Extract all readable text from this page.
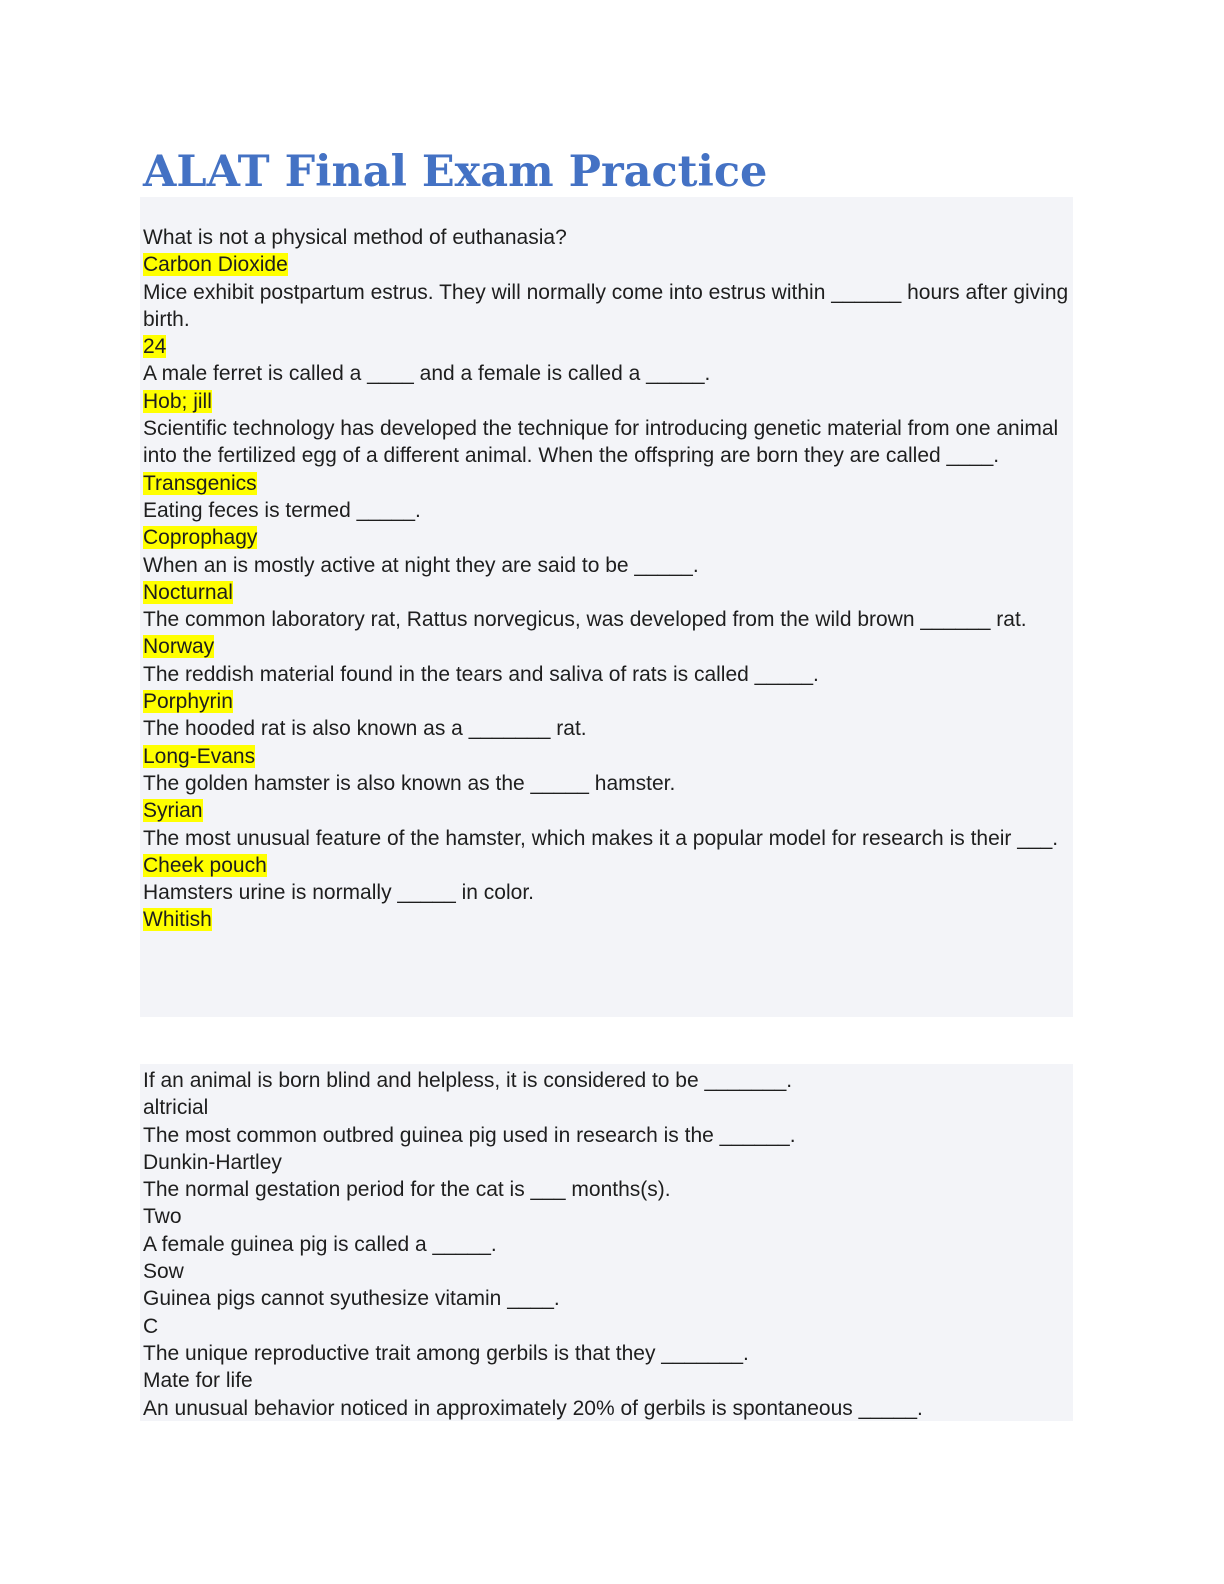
ALAT Final Exam Practice
What is not a physical method of euthanasia?
Carbon Dioxide
Mice exhibit postpartum estrus. They will normally come into estrus within ______ hours after giving birth.
24
A male ferret is called a ____ and a female is called a _____.
Hob; jill
Scientific technology has developed the technique for introducing genetic material from one animal into the fertilized egg of a different animal. When the offspring are born they are called ____.
Transgenics
Eating feces is termed _____.
Coprophagy
When an is mostly active at night they are said to be _____.
Nocturnal
The common laboratory rat, Rattus norvegicus, was developed from the wild brown ______ rat.
Norway
The reddish material found in the tears and saliva of rats is called _____.
Porphyrin
The hooded rat is also known as a _______ rat.
Long-Evans
The golden hamster is also known as the _____ hamster.
Syrian
The most unusual feature of the hamster, which makes it a popular model for research is their ___.
Cheek pouch
Hamsters urine is normally _____ in color.
Whitish
If an animal is born blind and helpless, it is considered to be _______.
altricial
The most common outbred guinea pig used in research is the ______.
Dunkin-Hartley
The normal gestation period for the cat is ___ months(s).
Two
A female guinea pig is called a _____.
Sow
Guinea pigs cannot syuthesize vitamin ____.
C
The unique reproductive trait among gerbils is that they _______.
Mate for life
An unusual behavior noticed in approximately 20% of gerbils is spontaneous _____.
